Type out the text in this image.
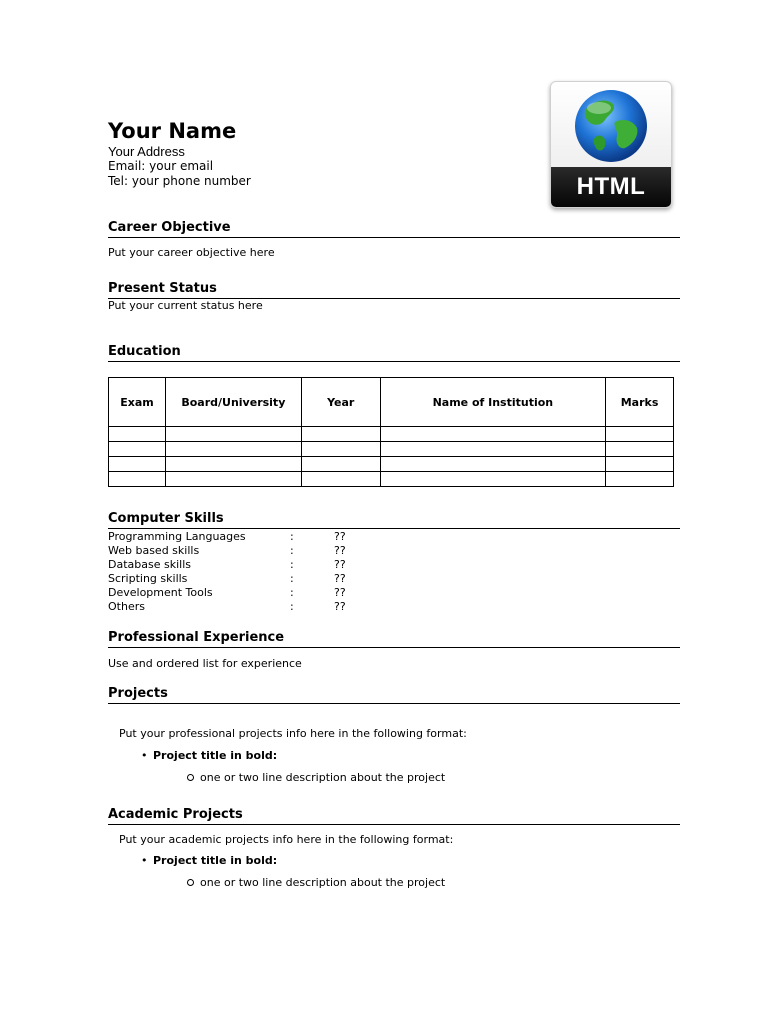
Your Name
Your Address
Email: your email
Tel: your phone number	HTML
Career Objective
Put your career objective here
Present Status
Put your current status here
Education
Exam	Board/University	Year	Name of Institution	Marks

Computer Skills
Programming Languages	:	??
Web based skills	:	??
Database skills	:	??
Scripting skills	:	??
Development Tools	:	??
Others	:	??
Professional Experience
Use and ordered list for experience
Projects
Put your professional projects info here in the following format:
• Project title in bold:
one or two line description about the project
Academic Projects
Put your academic projects info here in the following format:
• Project title in bold:
one or two line description about the project
